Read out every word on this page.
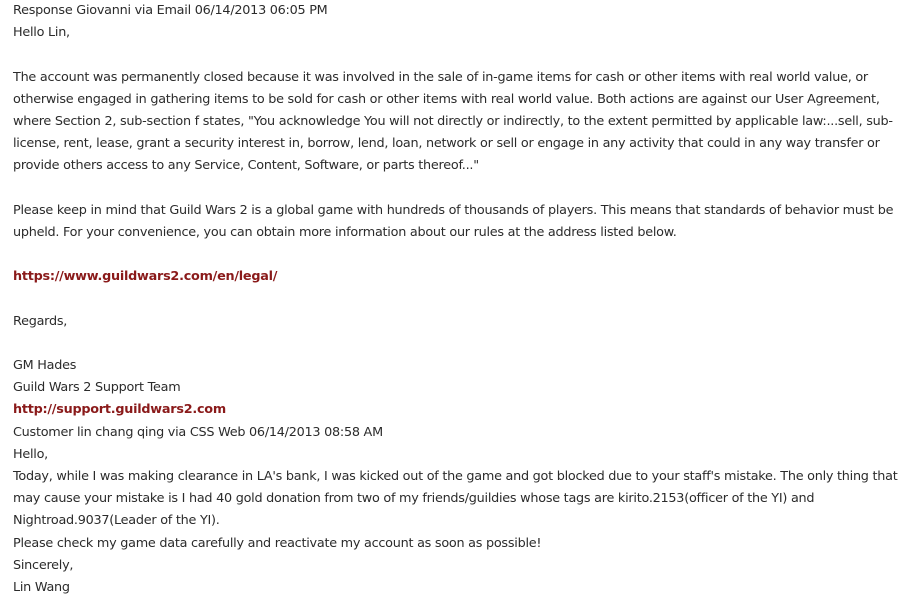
Response Giovanni via Email 06/14/2013 06:05 PM
Hello Lin,
The account was permanently closed because it was involved in the sale of in-game items for cash or other items with real world value, or
otherwise engaged in gathering items to be sold for cash or other items with real world value. Both actions are against our User Agreement,
where Section 2, sub-section f states, "You acknowledge You will not directly or indirectly, to the extent permitted by applicable law:...sell, sub-
license, rent, lease, grant a security interest in, borrow, lend, loan, network or sell or engage in any activity that could in any way transfer or
provide others access to any Service, Content, Software, or parts thereof..."
Please keep in mind that Guild Wars 2 is a global game with hundreds of thousands of players. This means that standards of behavior must be
upheld. For your convenience, you can obtain more information about our rules at the address listed below.
https://www.guildwars2.com/en/legal/
Regards,
GM Hades
Guild Wars 2 Support Team
http://support.guildwars2.com
Customer lin chang qing via CSS Web 06/14/2013 08:58 AM
Hello,
Today, while I was making clearance in LA's bank, I was kicked out of the game and got blocked due to your staff's mistake. The only thing that
may cause your mistake is I had 40 gold donation from two of my friends/guildies whose tags are kirito.2153(officer of the YI) and
Nightroad.9037(Leader of the YI).
Please check my game data carefully and reactivate my account as soon as possible!
Sincerely,
Lin Wang
